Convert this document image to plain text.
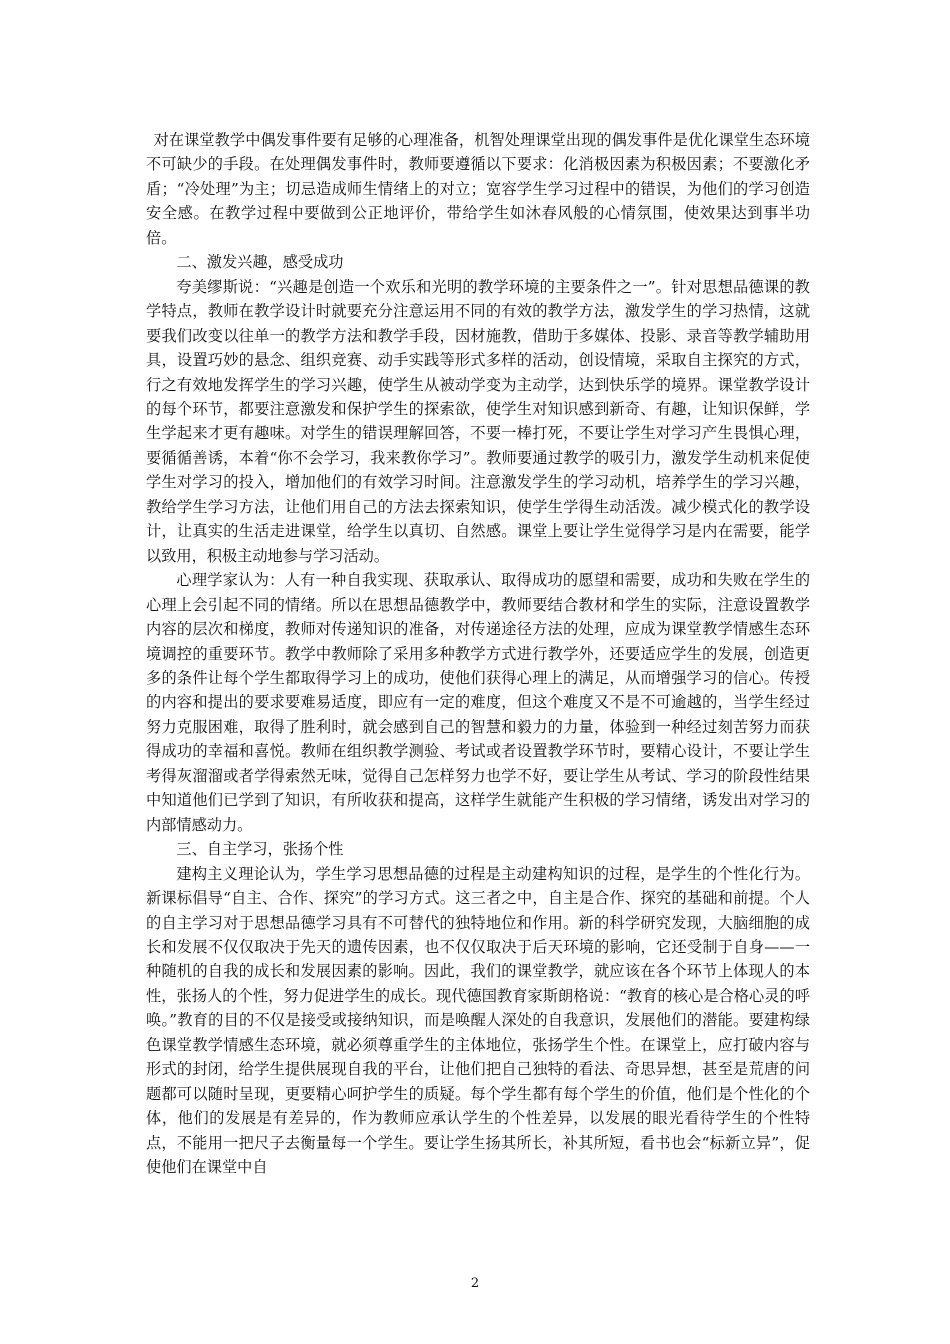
对在课堂教学中偶发事件要有足够的心理准备，机智处理课堂出现的偶发事件是优化课堂生态环境不可缺少的手段。在处理偶发事件时，教师要遵循以下要求：化消极因素为积极因素；不要激化矛盾；“冷处理”为主；切忌造成师生情绪上的对立；宽容学生学习过程中的错误，为他们的学习创造安全感。在教学过程中要做到公正地评价，带给学生如沐春风般的心情氛围，使效果达到事半功倍。

二、激发兴趣，感受成功

夸美缪斯说：“兴趣是创造一个欢乐和光明的教学环境的主要条件之一”。针对思想品德课的教学特点，教师在教学设计时就要充分注意运用不同的有效的教学方法，激发学生的学习热情，这就要我们改变以往单一的教学方法和教学手段，因材施教，借助于多媒体、投影、录音等教学辅助用具，设置巧妙的悬念、组织竞赛、动手实践等形式多样的活动，创设情境，采取自主探究的方式，行之有效地发挥学生的学习兴趣，使学生从被动学变为主动学，达到快乐学的境界。课堂教学设计的每个环节，都要注意激发和保护学生的探索欲，使学生对知识感到新奇、有趣，让知识保鲜，学生学起来才更有趣味。对学生的错误理解回答，不要一棒打死，不要让学生对学习产生畏惧心理，要循循善诱，本着“你不会学习，我来教你学习”。教师要通过教学的吸引力，激发学生动机来促使学生对学习的投入，增加他们的有效学习时间。注意激发学生的学习动机，培养学生的学习兴趣，教给学生学习方法，让他们用自己的方法去探索知识，使学生学得生动活泼。减少模式化的教学设计，让真实的生活走进课堂，给学生以真切、自然感。课堂上要让学生觉得学习是内在需要，能学以致用，积极主动地参与学习活动。

心理学家认为：人有一种自我实现、获取承认、取得成功的愿望和需要，成功和失败在学生的心理上会引起不同的情绪。所以在思想品德教学中，教师要结合教材和学生的实际，注意设置教学内容的层次和梯度，教师对传递知识的准备，对传递途径方法的处理，应成为课堂教学情感生态环境调控的重要环节。教学中教师除了采用多种教学方式进行教学外，还要适应学生的发展，创造更多的条件让每个学生都取得学习上的成功，使他们获得心理上的满足，从而增强学习的信心。传授的内容和提出的要求要难易适度，即应有一定的难度，但这个难度又不是不可逾越的，当学生经过努力克服困难，取得了胜利时，就会感到自己的智慧和毅力的力量，体验到一种经过刻苦努力而获得成功的幸福和喜悦。教师在组织教学测验、考试或者设置教学环节时，要精心设计，不要让学生考得灰溜溜或者学得索然无味，觉得自己怎样努力也学不好，要让学生从考试、学习的阶段性结果中知道他们已学到了知识，有所收获和提高，这样学生就能产生积极的学习情绪，诱发出对学习的内部情感动力。

三、自主学习，张扬个性

建构主义理论认为，学生学习思想品德的过程是主动建构知识的过程，是学生的个性化行为。新课标倡导“自主、合作、探究”的学习方式。这三者之中，自主是合作、探究的基础和前提。个人的自主学习对于思想品德学习具有不可替代的独特地位和作用。新的科学研究发现，大脑细胞的成长和发展不仅仅取决于先天的遗传因素，也不仅仅取决于后天环境的影响，它还受制于自身——一种随机的自我的成长和发展因素的影响。因此，我们的课堂教学，就应该在各个环节上体现人的本性，张扬人的个性，努力促进学生的成长。现代德国教育家斯朗格说：“教育的核心是合格心灵的呼唤。”教育的目的不仅是接受或接纳知识，而是唤醒人深处的自我意识，发展他们的潜能。要建构绿色课堂教学情感生态环境，就必须尊重学生的主体地位，张扬学生个性。在课堂上，应打破内容与形式的封闭，给学生提供展现自我的平台，让他们把自己独特的看法、奇思异想，甚至是荒唐的问题都可以随时呈现，更要精心呵护学生的质疑。每个学生都有每个学生的价值，他们是个性化的个体，他们的发展是有差异的，作为教师应承认学生的个性差异，以发展的眼光看待学生的个性特点，不能用一把尺子去衡量每一个学生。要让学生扬其所长，补其所短，看书也会“标新立异”，促使他们在课堂中自

2
